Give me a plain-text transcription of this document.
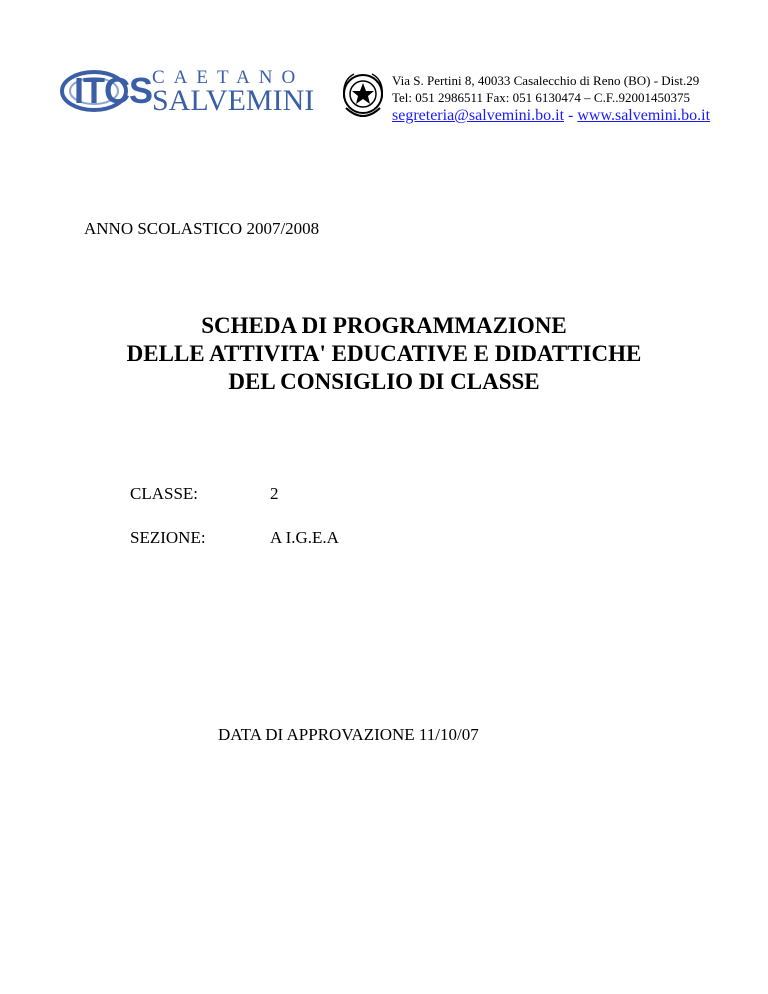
ITCS CAETANO
SALVEMINI
Via S. Pertini 8, 40033 Casalecchio di Reno (BO) - Dist.29
Tel: 051 2986511 Fax: 051 6130474 – C.F..92001450375
segreteria@salvemini.bo.it - www.salvemini.bo.it
ANNO SCOLASTICO 2007/2008
SCHEDA DI PROGRAMMAZIONE
DELLE ATTIVITA' EDUCATIVE E DIDATTICHE
DEL CONSIGLIO DI CLASSE
CLASSE:	2
SEZIONE:	A I.G.E.A
DATA DI APPROVAZIONE 11/10/07
